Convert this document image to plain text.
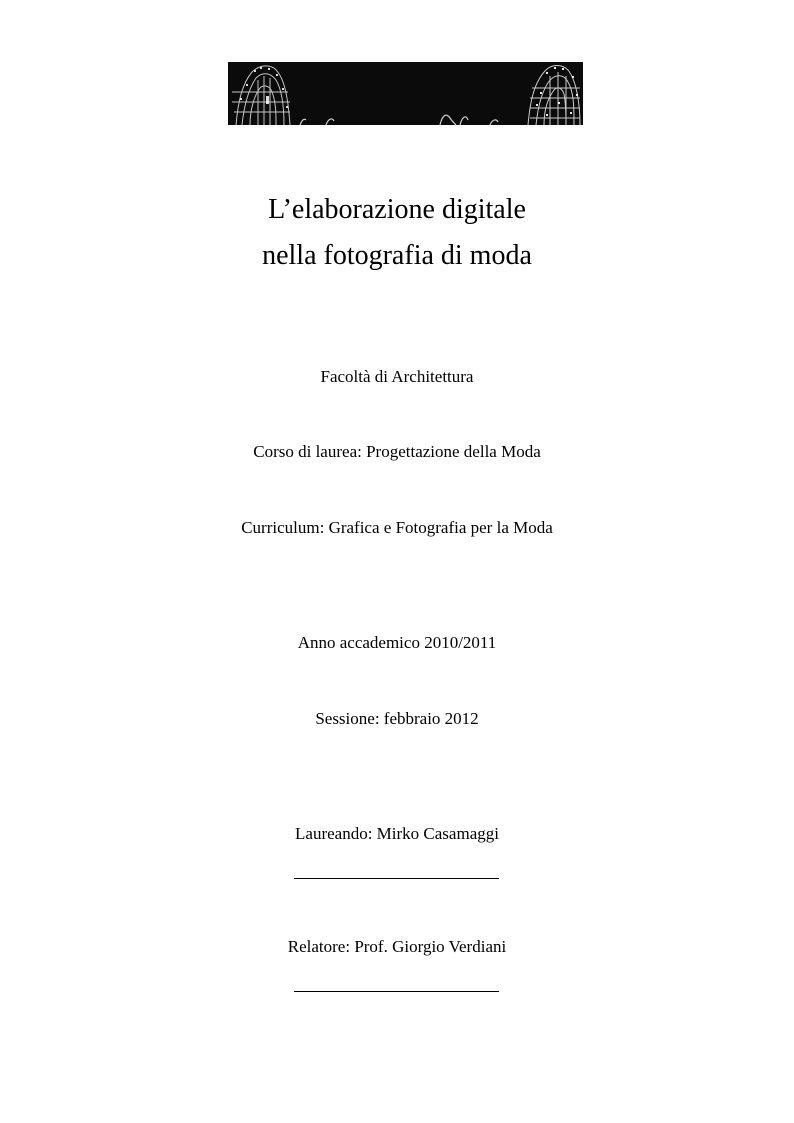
L’elaborazione digitale
nella fotografia di moda
Facoltà di Architettura
Corso di laurea: Progettazione della Moda
Curriculum: Grafica e Fotografia per la Moda
Anno accademico 2010/2011
Sessione: febbraio 2012
Laureando: Mirko Casamaggi
Relatore: Prof. Giorgio Verdiani
